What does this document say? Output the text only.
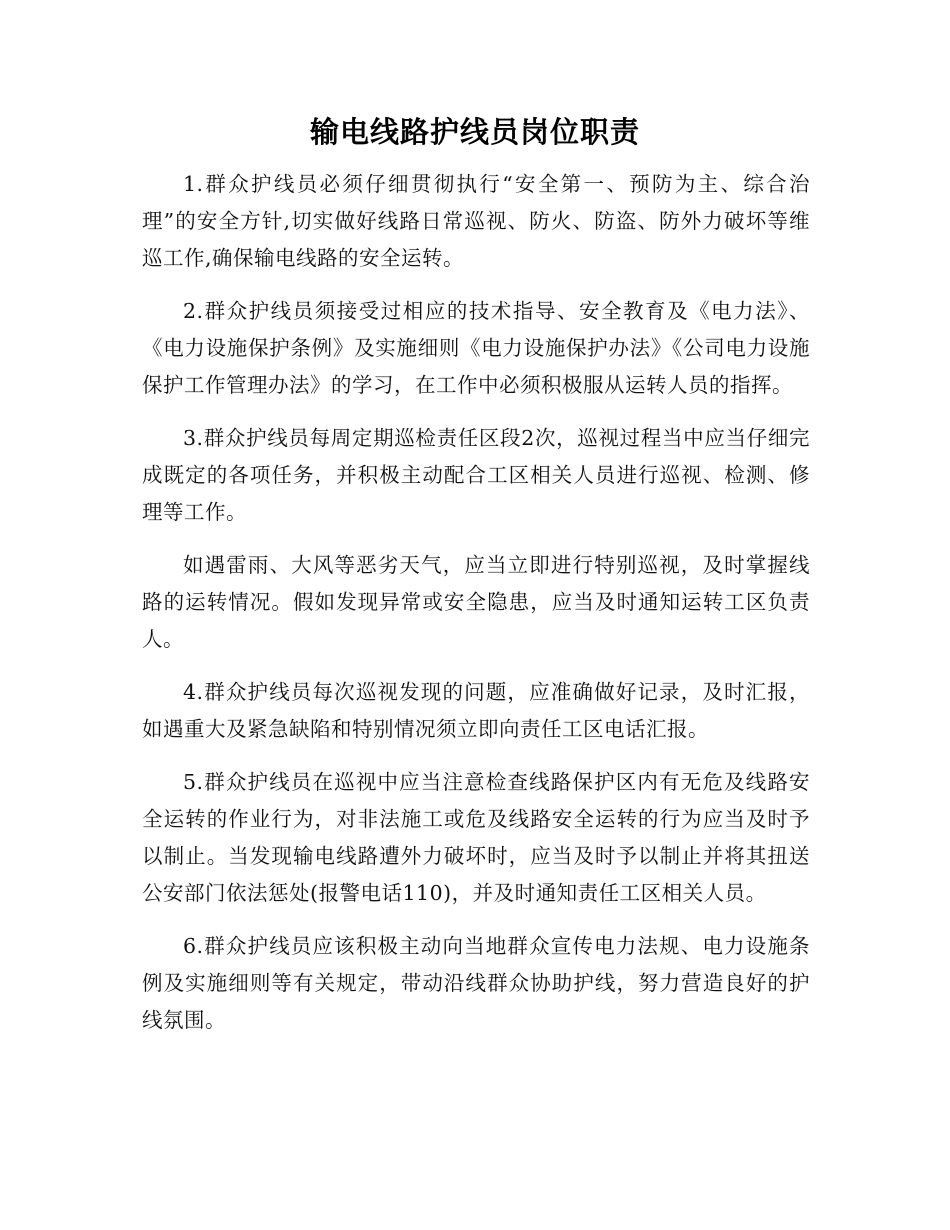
输电线路护线员岗位职责

1.群众护线员必须仔细贯彻执行“安全第一、预防为主、综合治理”的安全方针,切实做好线路日常巡视、防火、防盗、防外力破坏等维巡工作,确保输电线路的安全运转。

2.群众护线员须接受过相应的技术指导、安全教育及《电力法》、《电力设施保护条例》及实施细则《电力设施保护办法》《公司电力设施保护工作管理办法》的学习，在工作中必须积极服从运转人员的指挥。

3.群众护线员每周定期巡检责任区段2次，巡视过程当中应当仔细完成既定的各项任务，并积极主动配合工区相关人员进行巡视、检测、修理等工作。

如遇雷雨、大风等恶劣天气，应当立即进行特别巡视，及时掌握线路的运转情况。假如发现异常或安全隐患，应当及时通知运转工区负责人。

4.群众护线员每次巡视发现的问题，应准确做好记录，及时汇报，如遇重大及紧急缺陷和特别情况须立即向责任工区电话汇报。

5.群众护线员在巡视中应当注意检查线路保护区内有无危及线路安全运转的作业行为，对非法施工或危及线路安全运转的行为应当及时予以制止。当发现输电线路遭外力破坏时，应当及时予以制止并将其扭送公安部门依法惩处(报警电话110)，并及时通知责任工区相关人员。

6.群众护线员应该积极主动向当地群众宣传电力法规、电力设施条例及实施细则等有关规定，带动沿线群众协助护线，努力营造良好的护线氛围。
